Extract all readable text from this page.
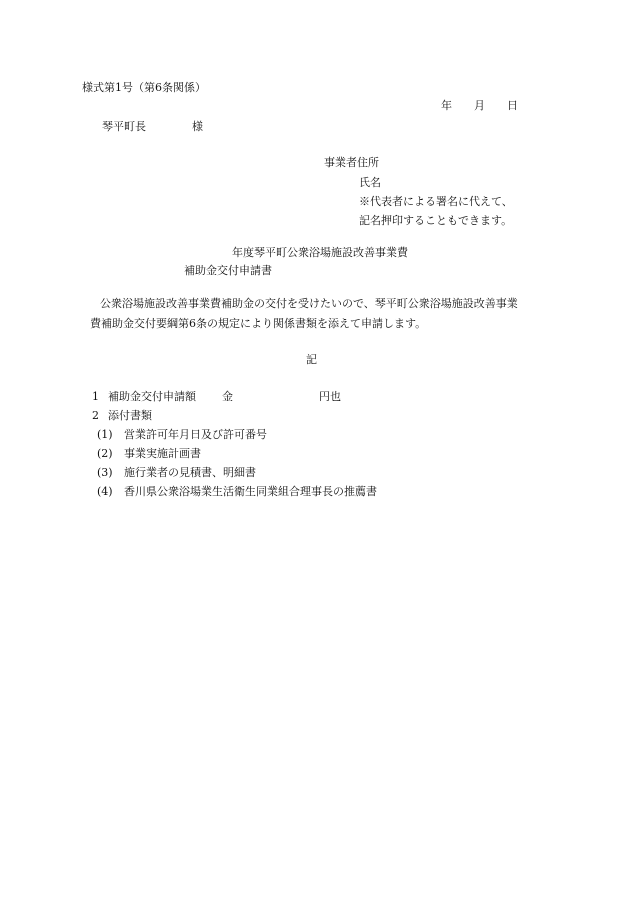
様式第1号（第6条関係）
年 月 日
琴平町長	様
事業者住所
氏名
※代表者による署名に代えて、
記名押印することもできます。
年度琴平町公衆浴場施設改善事業費
補助金交付申請書
公衆浴場施設改善事業費補助金の交付を受けたいので、琴平町公衆浴場施設改善事業
費補助金交付要綱第6条の規定により関係書類を添えて申請します。
記
1 補助金交付申請額 金	円也
2 添付書類
(1) 営業許可年月日及び許可番号
(2) 事業実施計画書
(3) 施行業者の見積書、明細書
(4) 香川県公衆浴場業生活衛生同業組合理事長の推薦書
